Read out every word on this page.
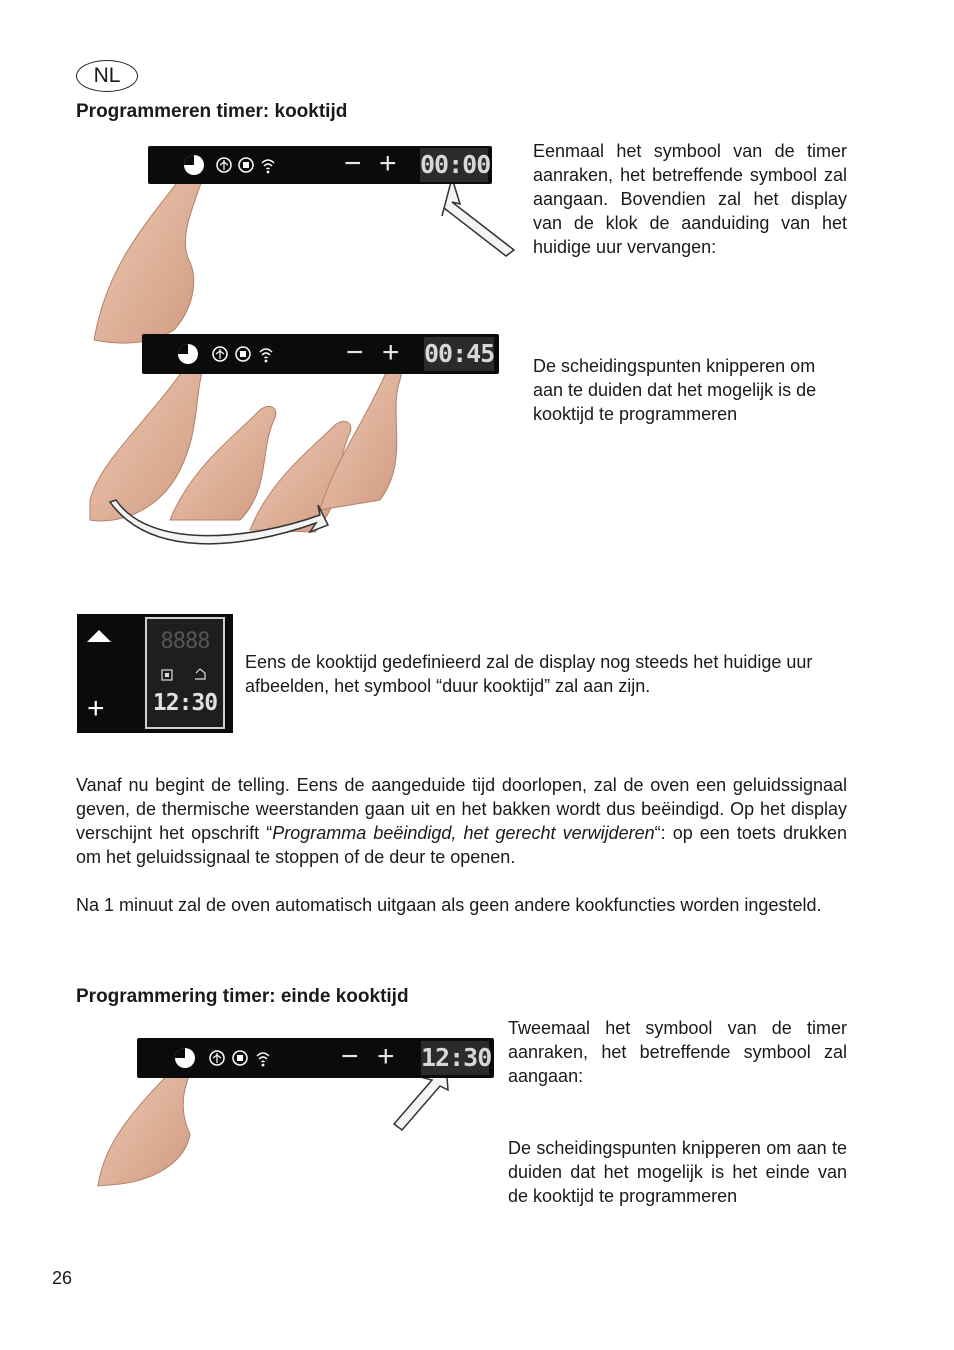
NL
Programmeren timer: kooktijd
− + 00:00
− + 00:45
Eenmaal het symbool van de timer aanraken, het betreffende symbool zal aangaan. Bovendien zal het display van de klok de aanduiding van het huidige uur vervangen:
De scheidingspunten knipperen om aan te duiden dat het mogelijk is de kooktijd te programmeren
+
8888
12:30
Eens de kooktijd gedefinieerd zal de display nog steeds het huidige uur afbeelden, het symbool “duur kooktijd” zal aan zijn.
Vanaf nu begint de telling. Eens de aangeduide tijd doorlopen, zal de oven een geluidssignaal geven, de thermische weerstanden gaan uit en het bakken wordt dus beëindigd. Op het display verschijnt het opschrift “Programma beëindigd, het gerecht verwijderen“: op een toets drukken om het geluidssignaal te stoppen of de deur te openen.
Na 1 minuut zal de oven automatisch uitgaan als geen andere kookfuncties worden ingesteld.
Programmering timer: einde kooktijd
− + 12:30
Tweemaal het symbool van de timer aanraken, het betreffende symbool zal aangaan:
De scheidingspunten knipperen om aan te duiden dat het mogelijk is het einde van de kooktijd te programmeren
26
